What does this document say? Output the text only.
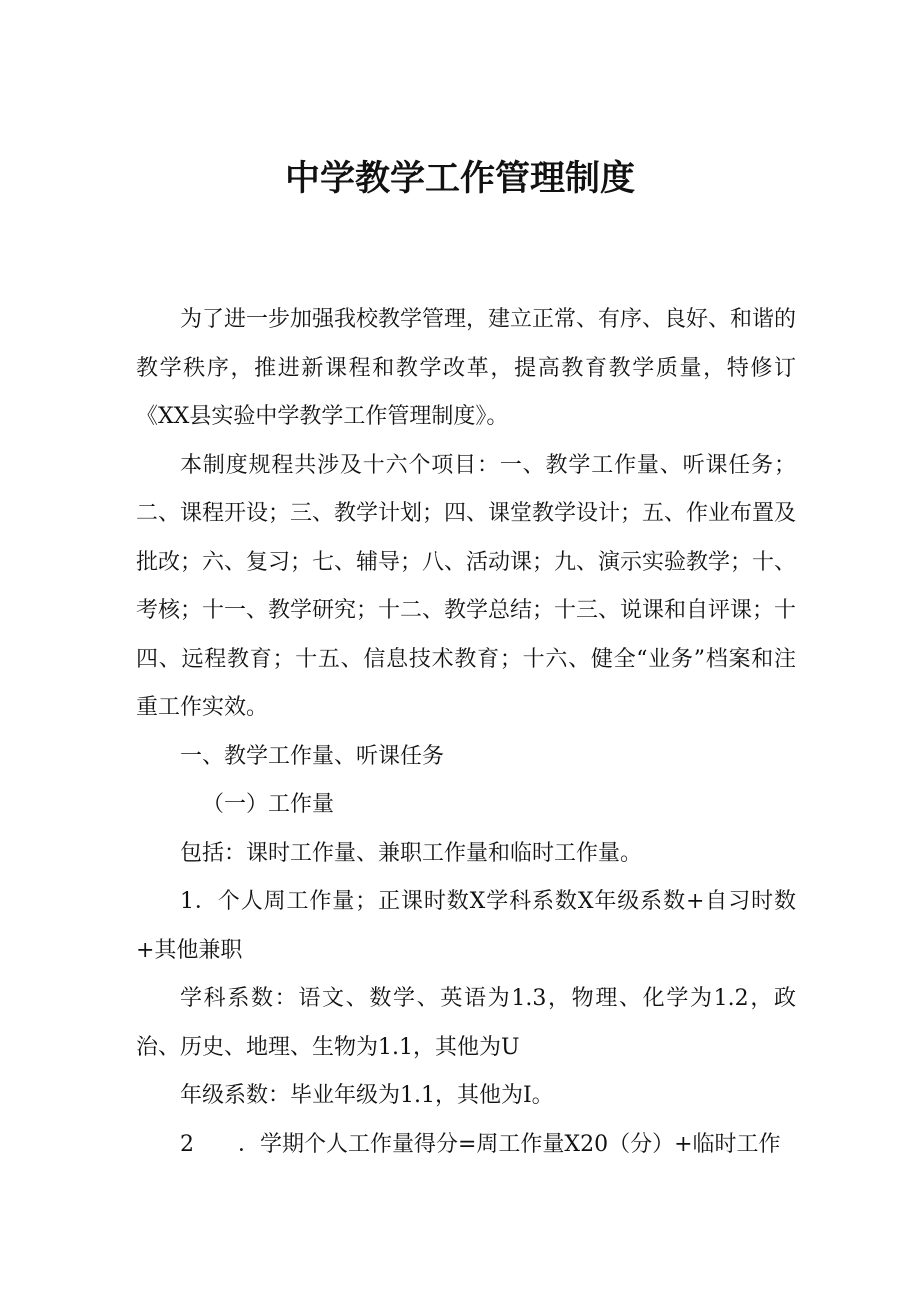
中学教学工作管理制度

为了进一步加强我校教学管理，建立正常、有序、良好、和谐的教学秩序，推进新课程和教学改革，提高教育教学质量，特修订《XX县实验中学教学工作管理制度》。

本制度规程共涉及十六个项目：一、教学工作量、听课任务；二、课程开设；三、教学计划；四、课堂教学设计；五、作业布置及批改；六、复习；七、辅导；八、活动课；九、演示实验教学；十、考核；十一、教学研究；十二、教学总结；十三、说课和自评课；十四、远程教育；十五、信息技术教育；十六、健全“业务”档案和注重工作实效。

一、教学工作量、听课任务

（一）工作量

包括：课时工作量、兼职工作量和临时工作量。

1．个人周工作量；正课时数X学科系数X年级系数+自习时数+其他兼职

学科系数：语文、数学、英语为1.3，物理、化学为1.2，政治、历史、地理、生物为1.1，其他为U

年级系数：毕业年级为1.1，其他为I。

2　　．学期个人工作量得分=周工作量X20（分）+临时工作
